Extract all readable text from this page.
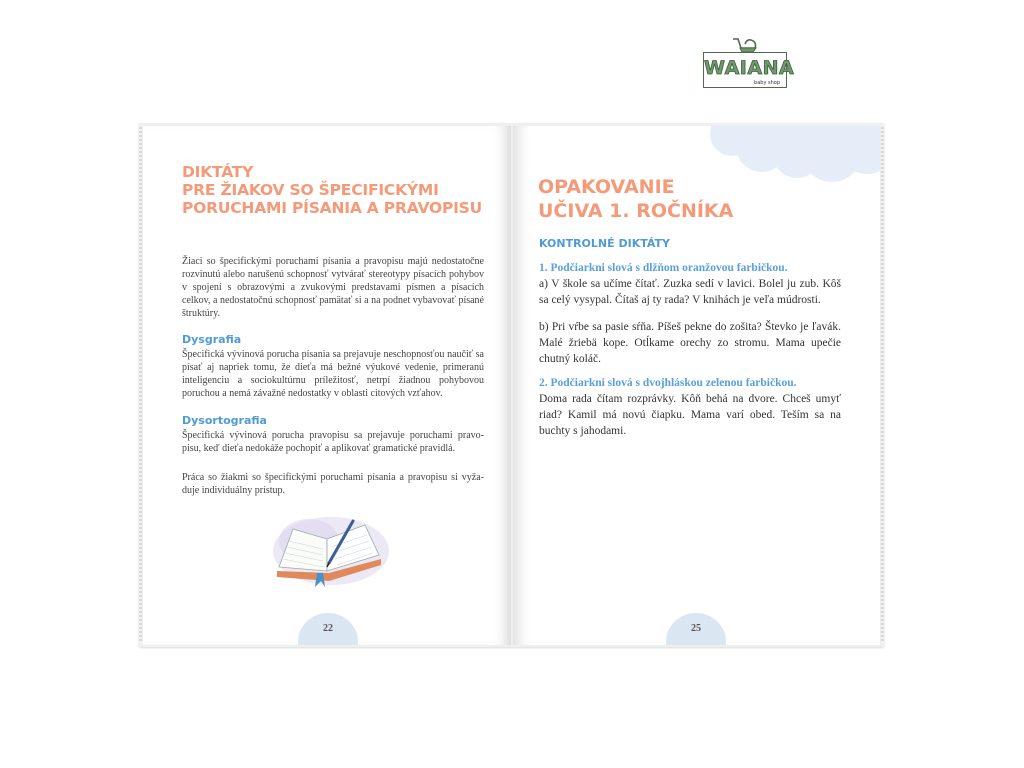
WAIANA
baby shop
DIKTÁTY
PRE ŽIAKOV SO ŠPECIFICKÝMI
PORUCHAMI PÍSANIA A PRAVOPISU

Žiaci so špecifickými poruchami písania a pravopisu majú nedostatočne rozvinutú alebo narušenú schopnosť vytvárať stereotypy písacích pohybov v spojení s obrazovými a zvukovými predstavami písmen a písacích celkov, a nedostatočnú schopnosť pamätať si a na podnet vybavovať písané štruktúry.

Dysgrafia

Špecifická vývinová porucha písania sa prejavuje neschopnosťou naučiť sa písať aj napriek tomu, že dieťa má bežné výukové vedenie, primeranú inteligenciu a sociokultúrnu príležitosť, netrpí žiadnou pohybovou poruchou a nemá závažné nedostatky v oblasti citových vzťahov.

Dysortografia

Špecifická vývinová porucha pravopisu sa prejavuje poruchami pravo-pisu, keď dieťa nedokáže pochopiť a aplikovať gramatické pravidlá.

Práca so žiakmi so špecifickými poruchami písania a pravopisu si vyža-duje individuálny prístup.

22
OPAKOVANIE
UČIVA 1. ROČNÍKA
KONTROLNÉ DIKTÁTY

1. Podčiarkni slová s dlžňom oranžovou farbičkou.

a) V škole sa učíme čítať. Zuzka sedí v lavici. Bolel ju zub. Kôš sa celý vysypal. Čítaš aj ty rada? V knihách je veľa múdrosti.

b) Pri vŕbe sa pasie sŕňa. Píšeš pekne do zošita? Števko je ľavák. Malé žriebä kope. Otĺkame orechy zo stromu. Mama upečie chutný koláč.

2. Podčiarkni slová s dvojhláskou zelenou farbičkou.

Doma rada čítam rozprávky. Kôň behá na dvore. Chceš umyť riad? Kamil má novú čiapku. Mama varí obed. Teším sa na buchty s jahodami.

25
